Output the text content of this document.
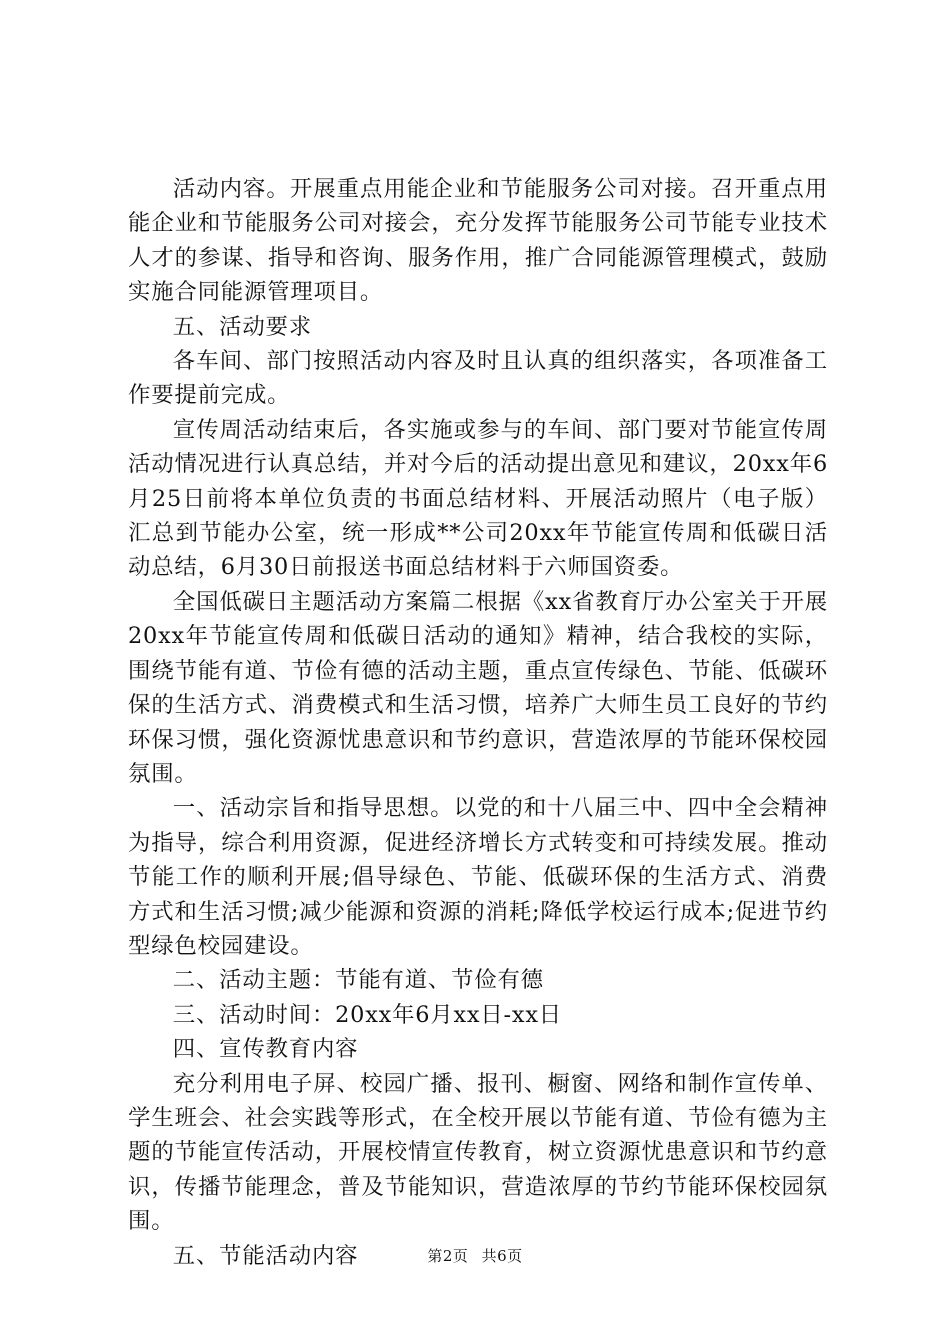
活动内容。开展重点用能企业和节能服务公司对接。召开重点用能企业和节能服务公司对接会，充分发挥节能服务公司节能专业技术人才的参谋、指导和咨询、服务作用，推广合同能源管理模式，鼓励实施合同能源管理项目。

五、活动要求

各车间、部门按照活动内容及时且认真的组织落实，各项准备工作要提前完成。

宣传周活动结束后，各实施或参与的车间、部门要对节能宣传周活动情况进行认真总结，并对今后的活动提出意见和建议，20xx年6月25日前将本单位负责的书面总结材料、开展活动照片（电子版）汇总到节能办公室，统一形成**公司20xx年节能宣传周和低碳日活动总结，6月30日前报送书面总结材料于六师国资委。

全国低碳日主题活动方案篇二根据《xx省教育厅办公室关于开展20xx年节能宣传周和低碳日活动的通知》精神，结合我校的实际，围绕节能有道、节俭有德的活动主题，重点宣传绿色、节能、低碳环保的生活方式、消费模式和生活习惯，培养广大师生员工良好的节约环保习惯，强化资源忧患意识和节约意识，营造浓厚的节能环保校园氛围。

一、活动宗旨和指导思想。以党的和十八届三中、四中全会精神为指导，综合利用资源，促进经济增长方式转变和可持续发展。推动节能工作的顺利开展;倡导绿色、节能、低碳环保的生活方式、消费方式和生活习惯;减少能源和资源的消耗;降低学校运行成本;促进节约型绿色校园建设。

二、活动主题：节能有道、节俭有德

三、活动时间：20xx年6月xx日-xx日

四、宣传教育内容

充分利用电子屏、校园广播、报刊、橱窗、网络和制作宣传单、学生班会、社会实践等形式，在全校开展以节能有道、节俭有德为主题的节能宣传活动，开展校情宣传教育，树立资源忧患意识和节约意识，传播节能理念，普及节能知识，营造浓厚的节约节能环保校园氛围。

五、节能活动内容	第2页 共6页
